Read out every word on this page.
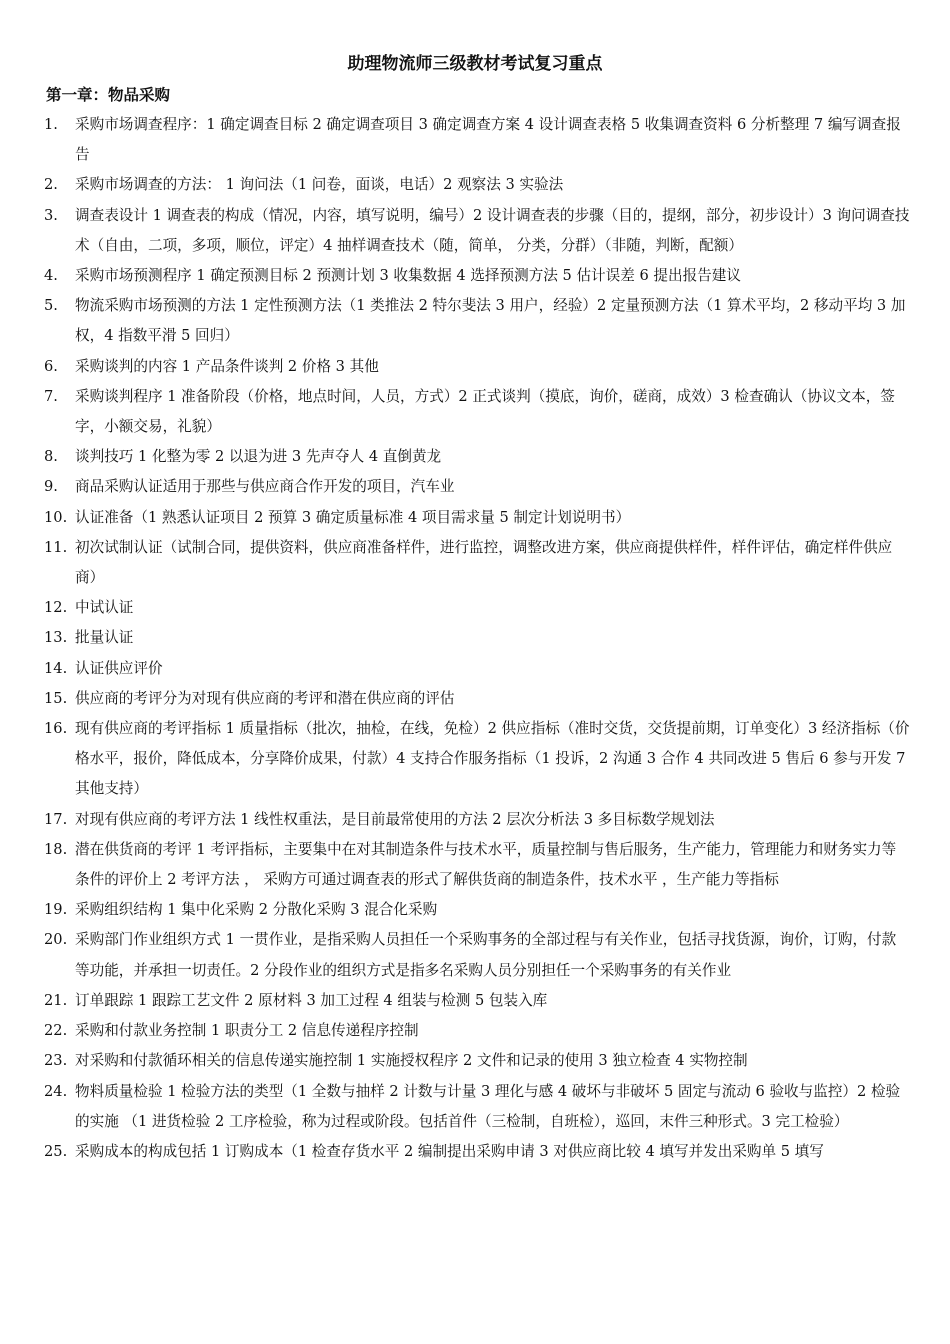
助理物流师三级教材考试复习重点
第一章：物品采购
1. 采购市场调查程序：1 确定调查目标 2 确定调查项目 3 确定调查方案 4 设计调查表格 5 收集调查资料 6 分析整理 7 编写调查报告
2. 采购市场调查的方法： 1 询问法（1 问卷，面谈，电话）2 观察法 3 实验法
3. 调查表设计 1 调查表的构成（情况，内容，填写说明，编号）2 设计调查表的步骤（目的，提纲，部分，初步设计）3 询问调查技术（自由，二项，多项，顺位，评定）4 抽样调查技术（随，简单， 分类，分群）（非随，判断，配额）
4. 采购市场预测程序 1 确定预测目标 2 预测计划 3 收集数据 4 选择预测方法 5 估计误差 6 提出报告建议
5. 物流采购市场预测的方法 1 定性预测方法（1 类推法 2 特尔斐法 3 用户，经验）2 定量预测方法（1 算术平均，2 移动平均 3 加权，4 指数平滑 5 回归）
6. 采购谈判的内容 1 产品条件谈判 2 价格 3 其他
7. 采购谈判程序 1 准备阶段（价格，地点时间，人员，方式）2 正式谈判（摸底，询价，磋商，成效）3 检查确认（协议文本，签字，小额交易，礼貌）
8. 谈判技巧 1 化整为零 2 以退为进 3 先声夺人 4 直倒黄龙
9. 商品采购认证适用于那些与供应商合作开发的项目，汽车业
10. 认证准备（1 熟悉认证项目 2 预算 3 确定质量标准 4 项目需求量 5 制定计划说明书）
11. 初次试制认证（试制合同，提供资料，供应商准备样件，进行监控，调整改进方案，供应商提供样件，样件评估，确定样件供应商）
12. 中试认证
13. 批量认证
14. 认证供应评价
15. 供应商的考评分为对现有供应商的考评和潜在供应商的评估
16. 现有供应商的考评指标 1 质量指标（批次，抽检，在线，免检）2 供应指标（准时交货，交货提前期，订单变化）3 经济指标（价格水平，报价，降低成本，分享降价成果，付款）4 支持合作服务指标（1 投诉，2 沟通 3 合作 4 共同改进 5 售后 6 参与开发 7 其他支持）
17. 对现有供应商的考评方法 1 线性权重法，是目前最常使用的方法 2 层次分析法 3 多目标数学规划法
18. 潜在供货商的考评 1 考评指标，主要集中在对其制造条件与技术水平，质量控制与售后服务，生产能力，管理能力和财务实力等条件的评价上 2 考评方法 ， 采购方可通过调查表的形式了解供货商的制造条件，技术水平 ，生产能力等指标
19. 采购组织结构 1 集中化采购 2 分散化采购 3 混合化采购
20. 采购部门作业组织方式 1 一贯作业，是指采购人员担任一个采购事务的全部过程与有关作业，包括寻找货源，询价，订购，付款等功能，并承担一切责任。2 分段作业的组织方式是指多名采购人员分别担任一个采购事务的有关作业
21. 订单跟踪 1 跟踪工艺文件 2 原材料 3 加工过程 4 组装与检测 5 包装入库
22. 采购和付款业务控制 1 职责分工 2 信息传递程序控制
23. 对采购和付款循环相关的信息传递实施控制 1 实施授权程序 2 文件和记录的使用 3 独立检查 4 实物控制
24. 物料质量检验 1 检验方法的类型（1 全数与抽样 2 计数与计量 3 理化与感 4 破坏与非破坏 5 固定与流动 6 验收与监控）2 检验的实施 （1 进货检验 2 工序检验，称为过程或阶段。包括首件（三检制，自班检），巡回，末件三种形式。3 完工检验）
25. 采购成本的构成包括 1 订购成本（1 检查存货水平 2 编制提出采购申请 3 对供应商比较 4 填写并发出采购单 5 填写
